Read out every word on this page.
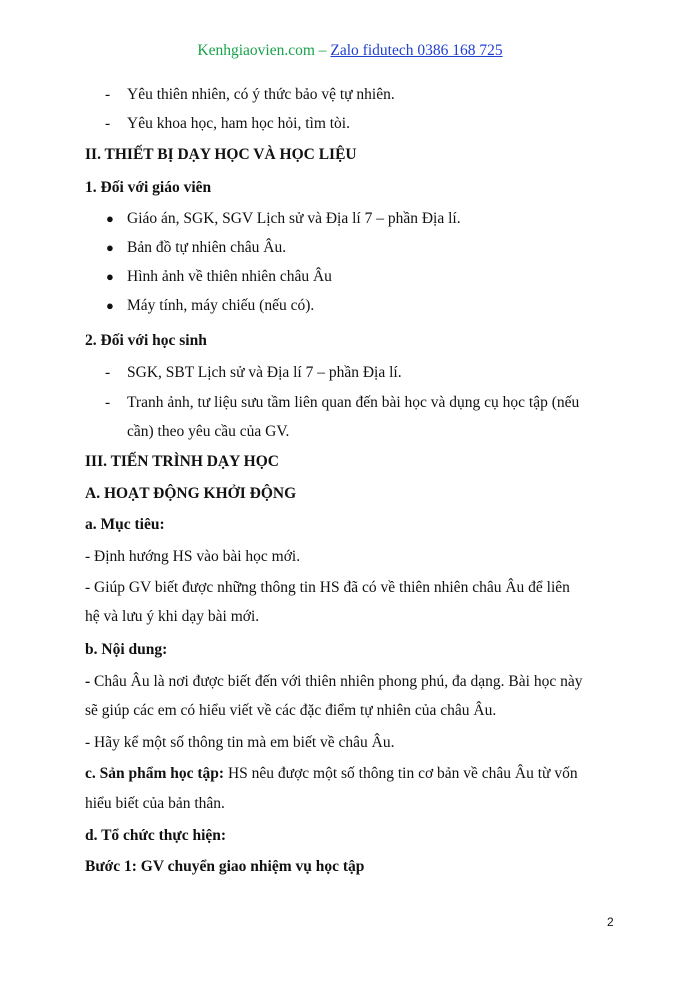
Kenhgiaovien.com – Zalo fidutech 0386 168 725
- Yêu thiên nhiên, có ý thức bảo vệ tự nhiên.
- Yêu khoa học, ham học hỏi, tìm tòi.
II. THIẾT BỊ DẠY HỌC VÀ HỌC LIỆU
1. Đối với giáo viên
● Giáo án, SGK, SGV Lịch sử và Địa lí 7 – phần Địa lí.
● Bản đồ tự nhiên châu Âu.
● Hình ảnh về thiên nhiên châu Âu
● Máy tính, máy chiếu (nếu có).
2. Đối với học sinh
- SGK, SBT Lịch sử và Địa lí 7 – phần Địa lí.
- Tranh ảnh, tư liệu sưu tầm liên quan đến bài học và dụng cụ học tập (nếu
cần) theo yêu cầu của GV.
III. TIẾN TRÌNH DẠY HỌC
A. HOẠT ĐỘNG KHỞI ĐỘNG
a. Mục tiêu:
- Định hướng HS vào bài học mới.
- Giúp GV biết được những thông tin HS đã có về thiên nhiên châu Âu để liên
hệ và lưu ý khi dạy bài mới.
b. Nội dung:
- Châu Âu là nơi được biết đến với thiên nhiên phong phú, đa dạng. Bài học này
sẽ giúp các em có hiểu viết về các đặc điểm tự nhiên của châu Âu.
- Hãy kể một số thông tin mà em biết về châu Âu.
c. Sản phẩm học tập: HS nêu được một số thông tin cơ bản về châu Âu từ vốn
hiểu biết của bản thân.
d. Tổ chức thực hiện:
Bước 1: GV chuyển giao nhiệm vụ học tập
2
